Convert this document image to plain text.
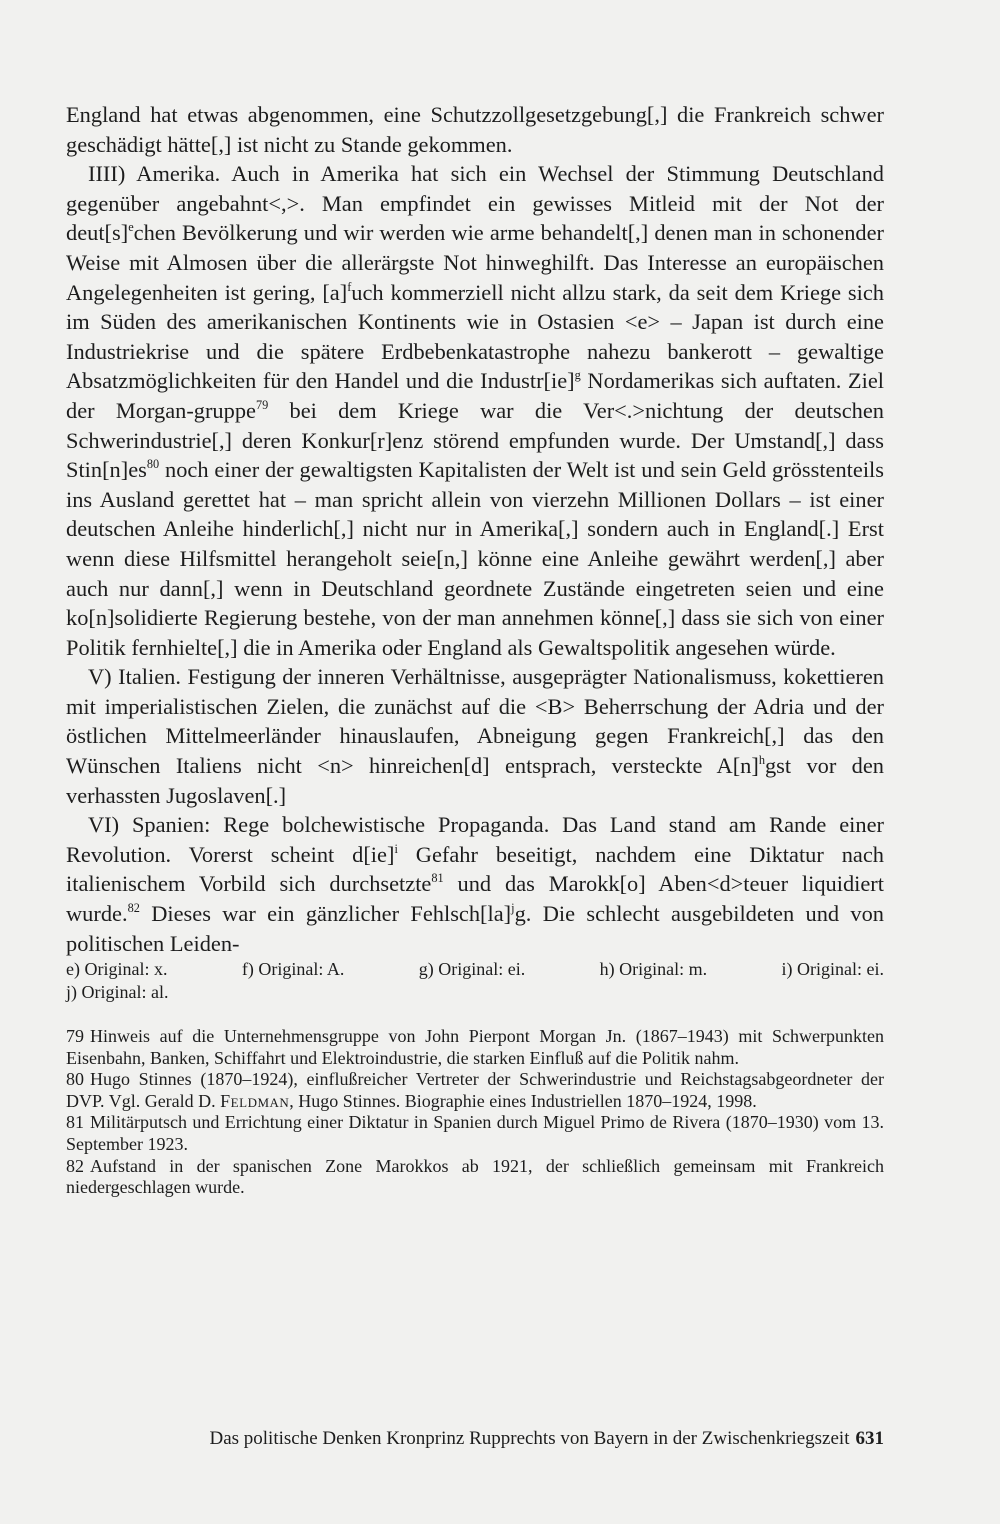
England hat etwas abgenommen, eine Schutzzollgesetzgebung[,] die Frankreich schwer geschädigt hätte[,] ist nicht zu Stande gekommen.

IIII) Amerika. Auch in Amerika hat sich ein Wechsel der Stimmung Deutschland gegenüber angebahnt<,>. Man empfindet ein gewisses Mitleid mit der Not der $deut[s]^echen$ Bevölkerung und wir werden wie arme behandelt[,] denen man in schonender Weise mit Almosen über die allerärgste Not hinweghilft. Das Interesse an europäischen Angelegenheiten ist gering, $[a]^fuch$ kommerziell nicht allzu stark, da seit dem Kriege sich im Süden des amerikanischen Kontinents wie in Ostasien <e> – Japan ist durch eine Industriekrise und die spätere Erdbebenkatastrophe nahezu bankerott – gewaltige Absatzmöglichkeiten für den Handel und die Industr[ie]$^g$ Nordamerikas sich auftaten. Ziel der Morgan-gruppe$^{79}$ bei dem Kriege war die Ver<.>nichtung der deutschen Schwerindustrie[,] deren Konkur[r]enz störend empfunden wurde. Der Umstand[,] dass $Stin[n]es^{80}$ noch einer der gewaltigsten Kapitalisten der Welt ist und sein Geld grösstenteils ins Ausland gerettet hat – man spricht allein von vierzehn Millionen Dollars – ist einer deutschen Anleihe hinderlich[,] nicht nur in Amerika[,] sondern auch in England[.] Erst wenn diese Hilfsmittel herangeholt seie[n,] könne eine Anleihe gewährt werden[,] aber auch nur dann[,] wenn in Deutschland geordnete Zustände eingetreten seien und eine ko[n]solidierte Regierung bestehe, von der man annehmen könne[,] dass sie sich von einer Politik fernhielte[,] die in Amerika oder England als Gewaltspolitik angesehen würde.

V) Italien. Festigung der inneren Verhältnisse, ausgeprägter Nationalismuss, kokettieren mit imperialistischen Zielen, die zunächst auf die <B> Beherrschung der Adria und der östlichen Mittelmeerländer hinauslaufen, Abneigung gegen Frankreich[,] das den Wünschen Italiens nicht <n> hinreichen[d] entsprach, versteckte $A[n]^hgst$ vor den verhassten Jugoslaven[.]

VI) Spanien: Rege bolchewistische Propaganda. Das Land stand am Rande einer Revolution. Vorerst scheint d[ie]$^i$ Gefahr beseitigt, nachdem eine Diktatur nach italienischem Vorbild sich durchsetzte$^{81}$ und das Marokk[o] Aben<d>teuer liquidiert wurde.$^{82}$ Dieses war ein gänzlicher Fehlsch[la]$^j$g. Die schlecht ausgebildeten und von politischen Leiden-

e) Original: x.	f) Original: A.	g) Original: ei.	h) Original: m.	i) Original: ei.
j) Original: al.

79 Hinweis auf die Unternehmensgruppe von John Pierpont Morgan Jn. (1867–1943) mit Schwerpunkten Eisenbahn, Banken, Schiffahrt und Elektroindustrie, die starken Einfluß auf die Politik nahm.

80 Hugo Stinnes (1870–1924), einflußreicher Vertreter der Schwerindustrie und Reichstagsabgeordneter der DVP. Vgl. Gerald D. Feldman, Hugo Stinnes. Biographie eines Industriellen 1870–1924, 1998.

81 Militärputsch und Errichtung einer Diktatur in Spanien durch Miguel Primo de Rivera (1870–1930) vom 13. September 1923.

82 Aufstand in der spanischen Zone Marokkos ab 1921, der schließlich gemeinsam mit Frankreich niedergeschlagen wurde.

Das politische Denken Kronprinz Rupprechts von Bayern in der Zwischenkriegszeit 631
